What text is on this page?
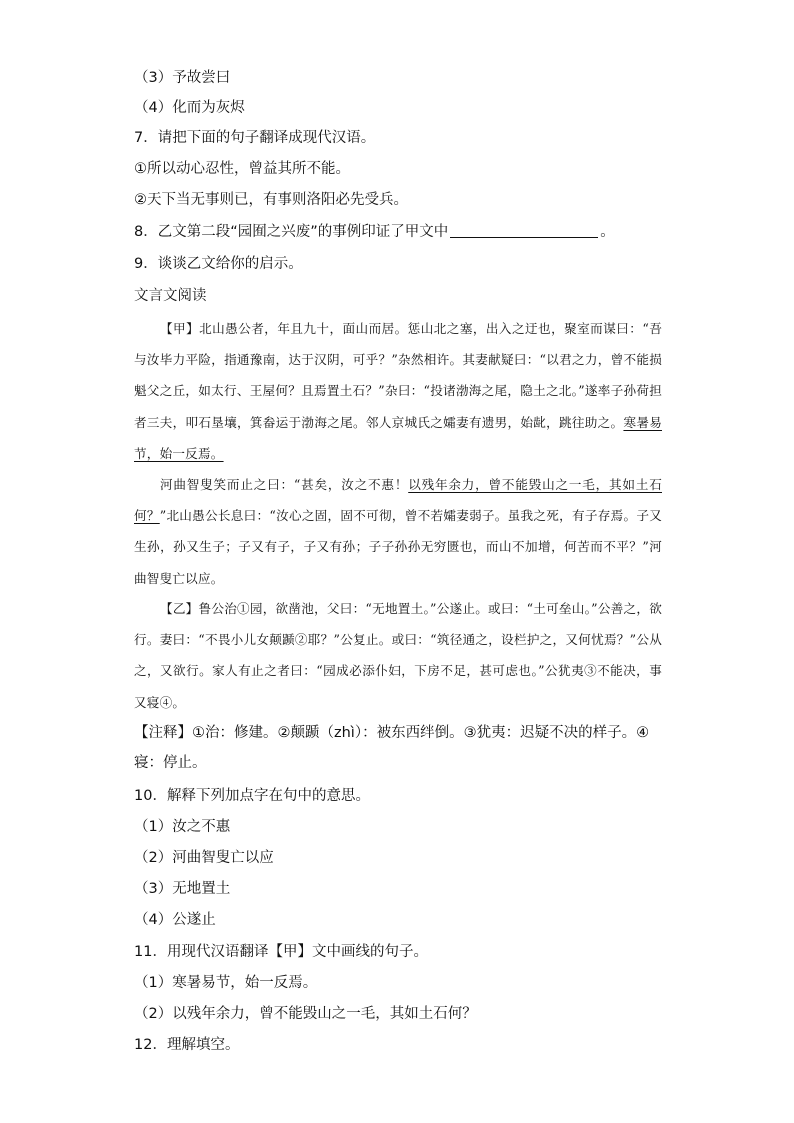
（3）予故尝曰
（4）化而为灰烬
7．请把下面的句子翻译成现代汉语。
①所以动心忍性，曾益其所不能。
②天下当无事则已，有事则洛阳必先受兵。
8．乙文第二段“园囿之兴废”的事例印证了甲文中	。
9．谈谈乙文给你的启示。
文言文阅读
【甲】北山愚公者，年且九十，面山而居。惩山北之塞，出入之迂也，聚室而谋曰：“吾与汝毕力平险，指通豫南，达于汉阴，可乎？”杂然相许。其妻献疑曰：“以君之力，曾不能损魁父之丘，如太行、王屋何？且焉置土石？”杂曰：“投诸渤海之尾，隐土之北。”遂率子孙荷担者三夫，叩石垦壤，箕畚运于渤海之尾。邻人京城氏之孀妻有遗男，始龀，跳往助之。寒暑易节，始一反焉。
河曲智叟笑而止之曰：“甚矣，汝之不惠！以残年余力，曾不能毁山之一毛，其如土石何？”北山愚公长息曰：“汝心之固，固不可彻，曾不若孀妻弱子。虽我之死，有子存焉。子又生孙，孙又生子；子又有子，子又有孙；子子孙孙无穷匮也，而山不加增，何苦而不平？”河曲智叟亡以应。
【乙】鲁公治①园，欲凿池，父曰：“无地置土。”公遂止。或曰：“土可垒山。”公善之，欲行。妻曰：“不畏小儿女颠踬②耶？”公复止。或曰：“筑径通之，设栏护之，又何忧焉？”公从之，又欲行。家人有止之者曰：“园成必添仆妇，下房不足，甚可虑也。”公犹夷③不能决，事又寝④。
【注释】①治：修建。②颠踬（zhì）：被东西绊倒。③犹夷：迟疑不决的样子。④寝：停止。
10．解释下列加点字在句中的意思。
（1）汝之不惠
（2）河曲智叟亡以应
（3）无地置土
（4）公遂止
11．用现代汉语翻译【甲】文中画线的句子。
（1）寒暑易节，始一反焉。
（2）以残年余力，曾不能毁山之一毛，其如土石何？
12．理解填空。
